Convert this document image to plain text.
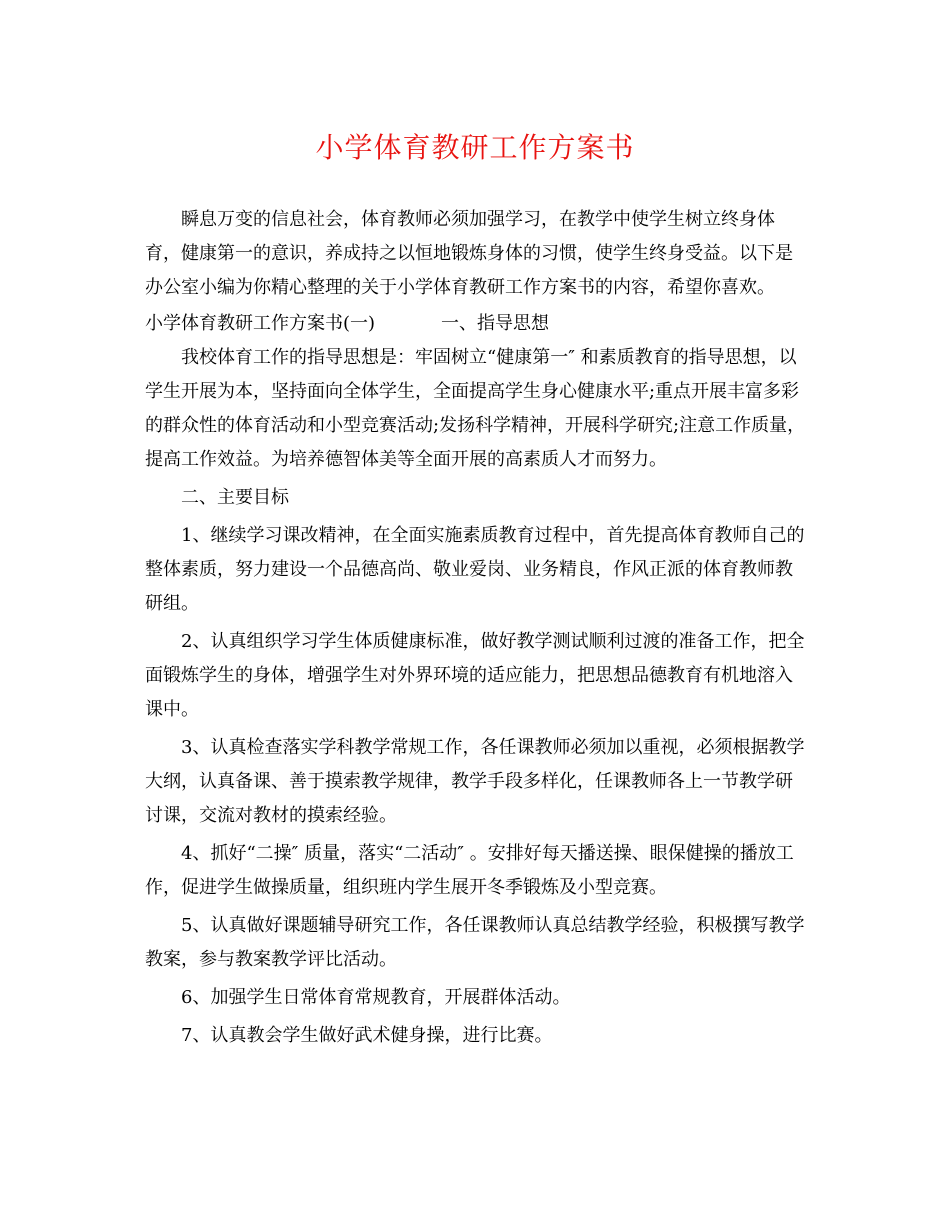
小学体育教研工作方案书

瞬息万变的信息社会，体育教师必须加强学习，在教学中使学生树立终身体育，健康第一的意识，养成持之以恒地锻炼身体的习惯，使学生终身受益。以下是办公室小编为你精心整理的关于小学体育教研工作方案书的内容，希望你喜欢。

小学体育教研工作方案书(一)	一、指导思想

我校体育工作的指导思想是：牢固树立“健康第一″ 和素质教育的指导思想，以学生开展为本，坚持面向全体学生，全面提高学生身心健康水平;重点开展丰富多彩的群众性的体育活动和小型竞赛活动;发扬科学精神，开展科学研究;注意工作质量，提高工作效益。为培养德智体美等全面开展的高素质人才而努力。

二、主要目标

1、继续学习课改精神，在全面实施素质教育过程中，首先提高体育教师自己的整体素质，努力建设一个品德高尚、敬业爱岗、业务精良，作风正派的体育教师教研组。

2、认真组织学习学生体质健康标准，做好教学测试顺利过渡的准备工作，把全面锻炼学生的身体，增强学生对外界环境的适应能力，把思想品德教育有机地溶入课中。

3、认真检查落实学科教学常规工作，各任课教师必须加以重视，必须根据教学大纲，认真备课、善于摸索教学规律，教学手段多样化，任课教师各上一节教学研讨课，交流对教材的摸索经验。

4、抓好“二操″ 质量，落实“二活动″ 。安排好每天播送操、眼保健操的播放工作，促进学生做操质量，组织班内学生展开冬季锻炼及小型竞赛。

5、认真做好课题辅导研究工作，各任课教师认真总结教学经验，积极撰写教学教案，参与教案教学评比活动。

6、加强学生日常体育常规教育，开展群体活动。

7、认真教会学生做好武术健身操，进行比赛。
